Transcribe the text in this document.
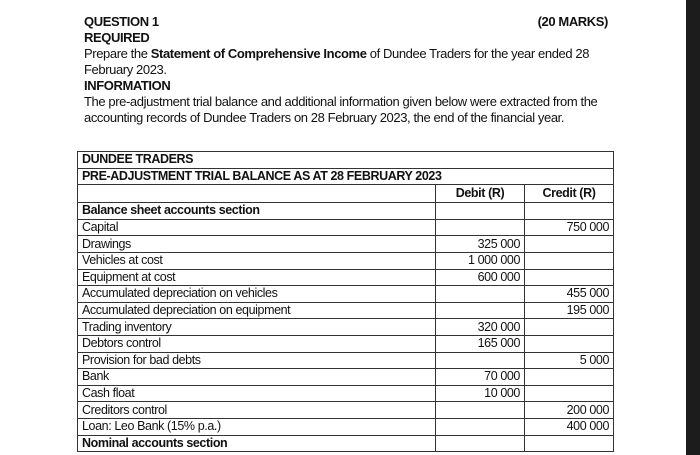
QUESTION 1	(20 MARKS)
REQUIRED
Prepare the Statement of Comprehensive Income of Dundee Traders for the year ended 28 February 2023.
INFORMATION
The pre-adjustment trial balance and additional information given below were extracted from the accounting records of Dundee Traders on 28 February 2023, the end of the financial year.
DUNDEE TRADERS		
PRE-ADJUSTMENT TRIAL BALANCE AS AT 28 FEBRUARY 2023		
	Debit (R)	Credit (R)
Balance sheet accounts section		
Capital		750 000
Drawings	325 000	
Vehicles at cost	1 000 000	
Equipment at cost	600 000	
Accumulated depreciation on vehicles		455 000
Accumulated depreciation on equipment		195 000
Trading inventory	320 000	
Debtors control	165 000	
Provision for bad debts		5 000
Bank	70 000	
Cash float	10 000	
Creditors control		200 000
Loan: Leo Bank (15% p.a.)		400 000
Nominal accounts section		
